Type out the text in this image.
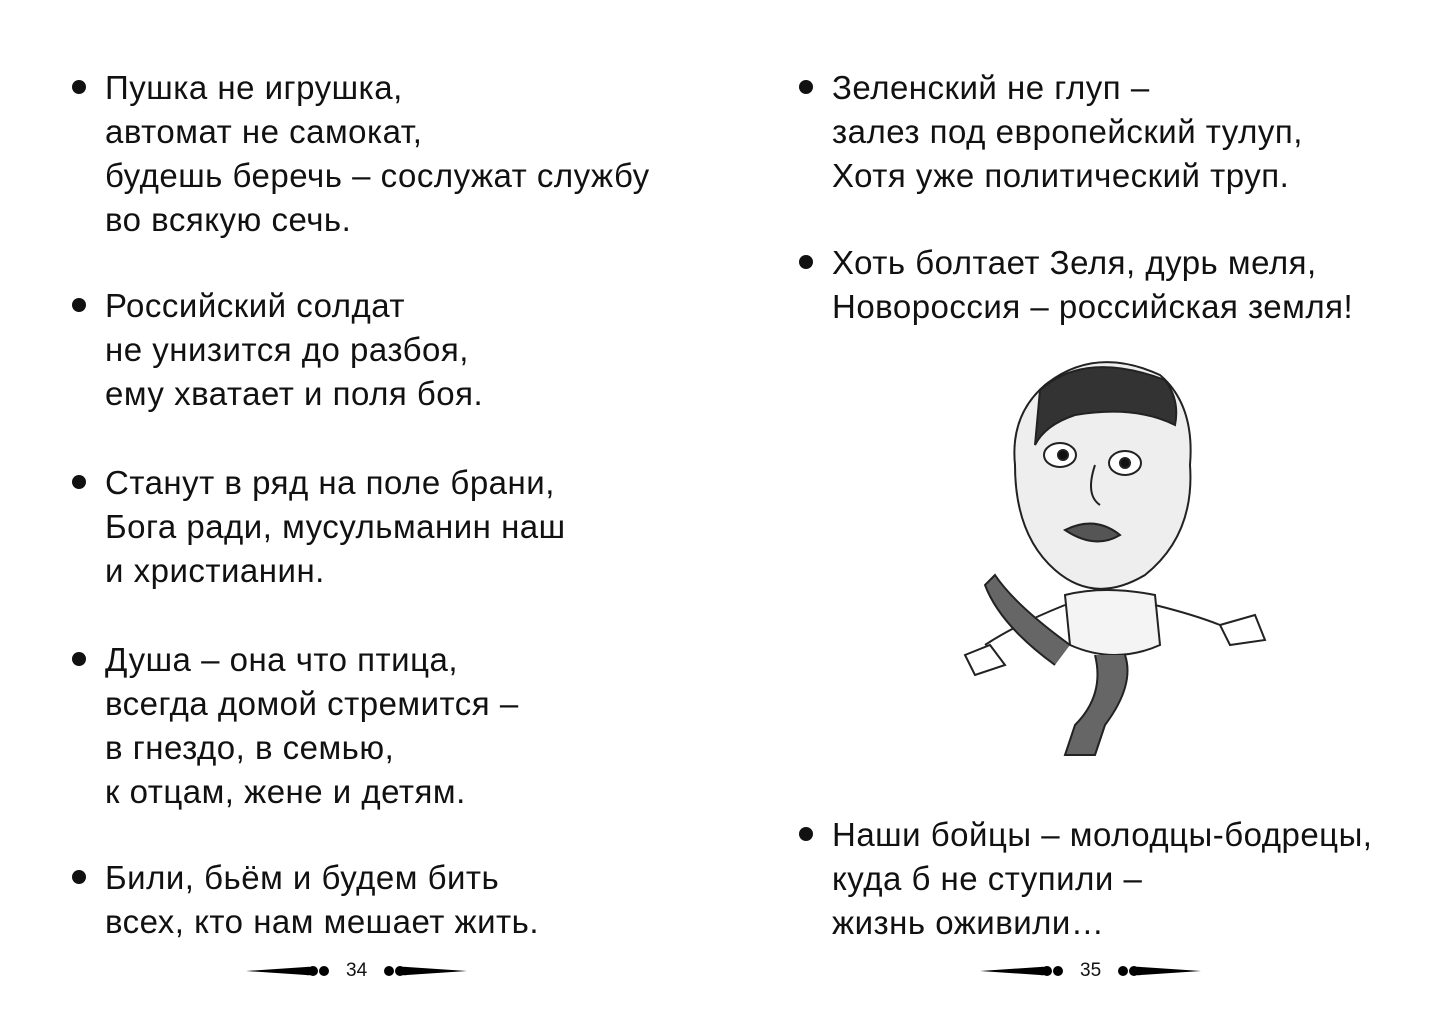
Пушка не игрушка,
автомат не самокат,
будешь беречь – сослужат службу
во всякую сечь.
Российский солдат
не унизится до разбоя,
ему хватает и поля боя.
Станут в ряд на поле брани,
Бога ради, мусульманин наш
и христианин.
Душа – она что птица,
всегда домой стремится –
в гнездо, в семью,
к отцам, жене и детям.
Били, бьём и будем бить
всех, кто нам мешает жить.
34
Зеленский не глуп –
залез под европейский тулуп,
Хотя уже политический труп.
Хоть болтает Зеля, дурь меля,
Новороссия – российская земля!
Наши бойцы – молодцы-бодрецы,
куда б не ступили –
жизнь оживили…
35
